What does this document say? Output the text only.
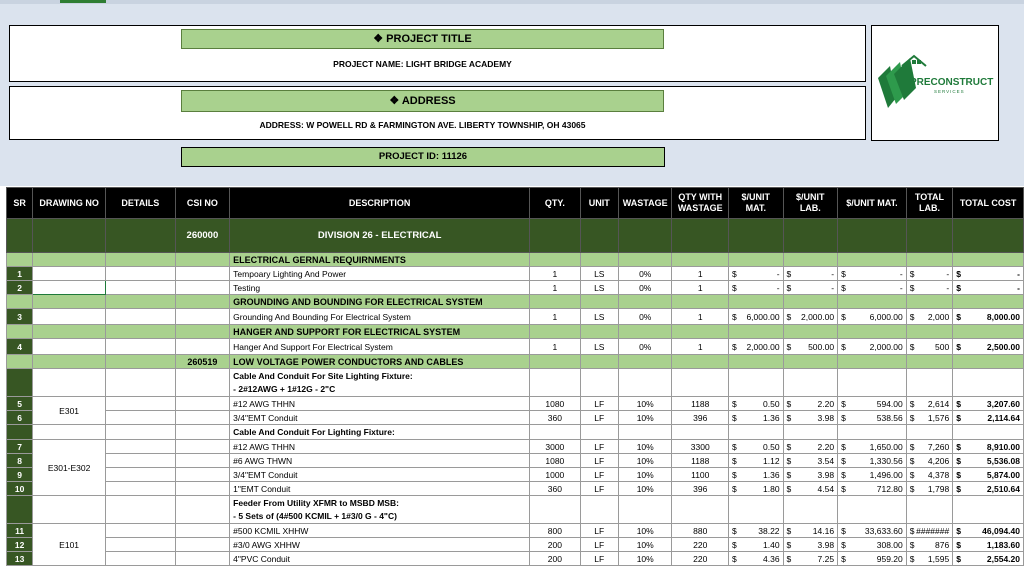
❖ PROJECT TITLE
PROJECT NAME: LIGHT BRIDGE ACADEMY
❖ ADDRESS
ADDRESS: W POWELL RD & FARMINGTON AVE. LIBERTY TOWNSHIP, OH 43065
PROJECT ID: 11126
PRECONSTRUCT
SERVICES
SR	DRAWING NO	DETAILS	CSI NO	DESCRIPTION	QTY.	UNIT	WASTAGE	QTY WITH WASTAGE	$/UNIT MAT.	$/UNIT LAB.	$/UNIT MAT.	TOTAL LAB.	TOTAL COST
			260000	DIVISION 26 - ELECTRICAL									
				ELECTRICAL GERNAL REQUIRNMENTS									
1				Tempoary Lighting And Power	1	LS	0%	1	$ -	$ -	$ -	$ -	$ -

2				Testing	1	LS	0%	1	$ -	$ -	$ -	$ -	$ -

				GROUNDING AND BOUNDING FOR ELECTRICAL SYSTEM									
3				Grounding And Bounding For Electrical System	1	LS	0%	1	$ 6,000.00	$ 2,000.00	$ 6,000.00	$ 2,000	$ 8,000.00

				HANGER AND SUPPORT FOR ELECTRICAL SYSTEM									
4				Hanger And Support For Electrical System	1	LS	0%	1	$ 2,000.00	$ 500.00	$ 2,000.00	$ 500	$ 2,500.00

			260519	LOW VOLTAGE POWER CONDUCTORS AND CABLES									

				Cable And Conduit For Site Lighting Fixture:
- 2#12AWG + 1#12G - 2"C									

5	E301			#12 AWG THHN	1080	LF	10%	1188	$ 0.50	$ 2.20	$ 594.00	$ 2,614	$ 3,207.60

6				3/4"EMT Conduit	360	LF	10%	396	$ 1.36	$ 3.98	$ 538.56	$ 1,576	$ 2,114.64

				Cable And Conduit For Lighting Fixture:									
7	E301-E302			#12 AWG THHN	3000	LF	10%	3300	$ 0.50	$ 2.20	$ 1,650.00	$ 7,260	$ 8,910.00

8				#6 AWG THWN	1080	LF	10%	1188	$ 1.12	$ 3.54	$ 1,330.56	$ 4,206	$ 5,536.08

9				3/4"EMT Conduit	1000	LF	10%	1100	$ 1.36	$ 3.98	$ 1,496.00	$ 4,378	$ 5,874.00

10				1"EMT Conduit	360	LF	10%	396	$ 1.80	$ 4.54	$ 712.80	$ 1,798	$ 2,510.64

				Feeder From Utility XFMR to MSBD MSB:
- 5 Sets of (4#500 KCMIL + 1#3/0 G - 4"C)									

11	E101			#500 KCMIL XHHW	800	LF	10%	880	$ 38.22	$ 14.16	$ 33,633.60	$ #######	$ 46,094.40

12				#3/0 AWG XHHW	200	LF	10%	220	$ 1.40	$ 3.98	$ 308.00	$ 876	$ 1,183.60

13				4"PVC Conduit	200	LF	10%	220	$ 4.36	$ 7.25	$ 959.20	$ 1,595	$ 2,554.20
